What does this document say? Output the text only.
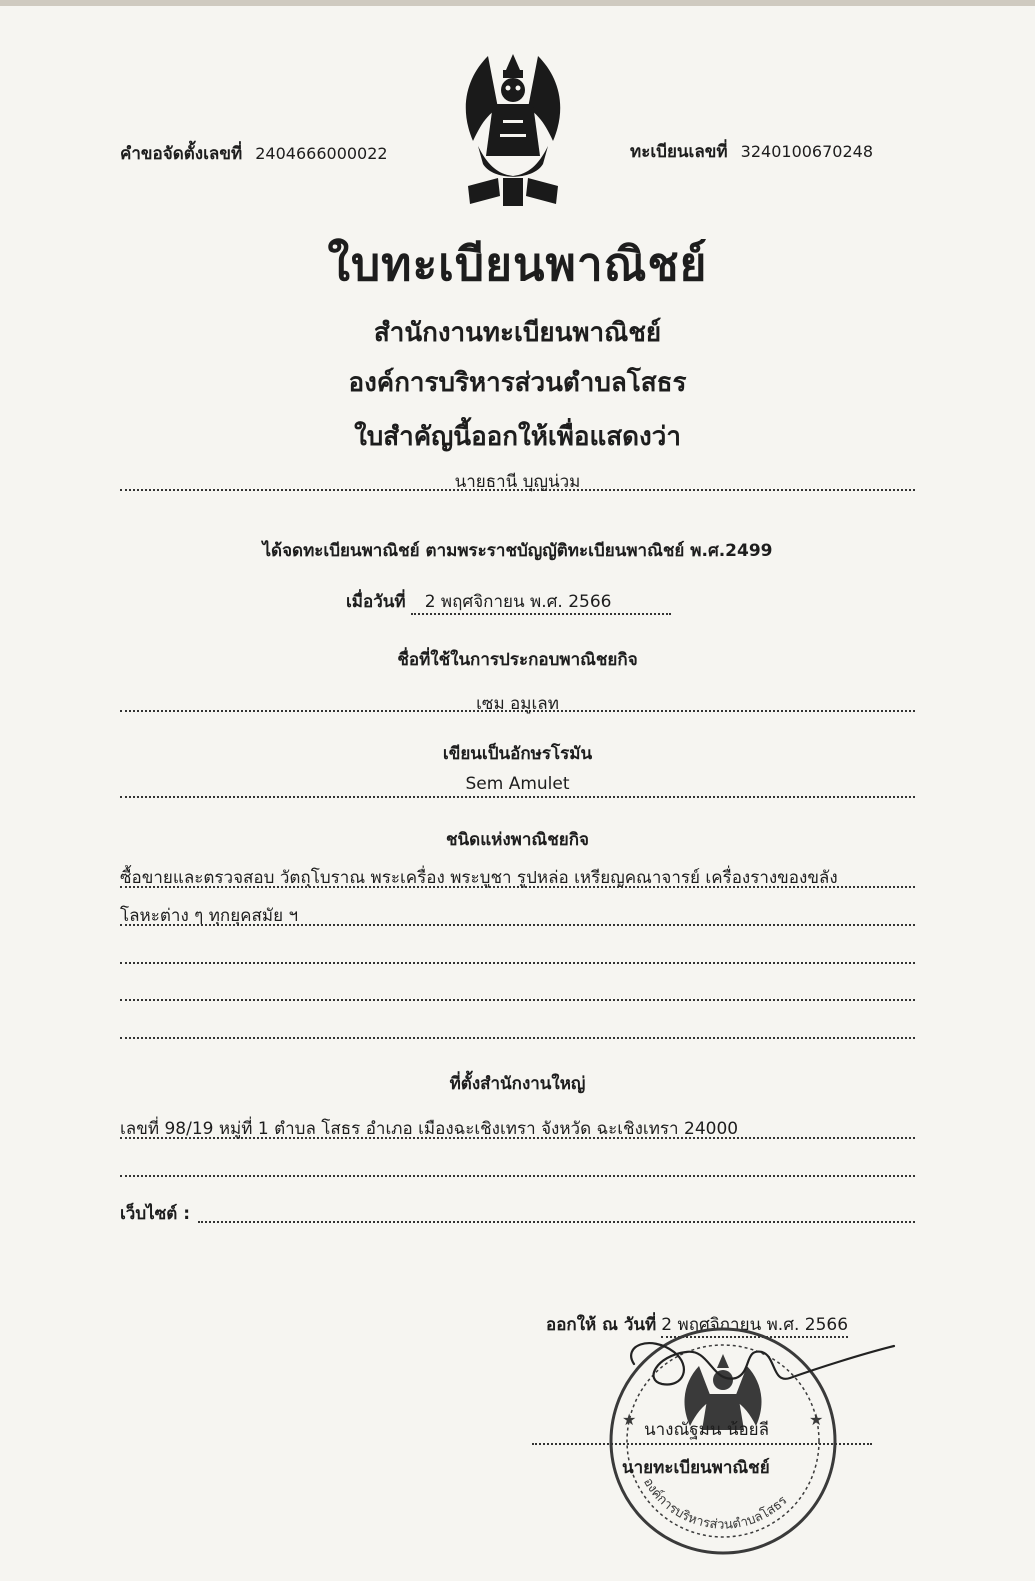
คำขอจัดตั้งเลขที่ 2404666000022	ทะเบียนเลขที่ 3240100670248
ใบทะเบียนพาณิชย์
สำนักงานทะเบียนพาณิชย์
องค์การบริหารส่วนตำบลโสธร
ใบสำคัญนี้ออกให้เพื่อแสดงว่า
นายธานี บุญน่วม
ได้จดทะเบียนพาณิชย์ ตามพระราชบัญญัติทะเบียนพาณิชย์ พ.ศ.2499
เมื่อวันที่ 2 พฤศจิกายน พ.ศ. 2566
ชื่อที่ใช้ในการประกอบพาณิชยกิจ
เซม อมูเลท
เขียนเป็นอักษรโรมัน
Sem Amulet
ชนิดแห่งพาณิชยกิจ
ซื้อขายและตรวจสอบ วัตถุโบราณ พระเครื่อง พระบูชา รูปหล่อ เหรียญคณาจารย์ เครื่องรางของขลัง
โลหะต่าง ๆ ทุกยุคสมัย ฯ
ที่ตั้งสำนักงานใหญ่
เลขที่ 98/19 หมู่ที่ 1 ตำบล โสธร อำเภอ เมืองฉะเชิงเทรา จังหวัด ฉะเชิงเทรา 24000
เว็บไซต์ :
ออกให้ ณ วันที่ 2 พฤศจิกายน พ.ศ. 2566
★	★
องค์การบริหารส่วนตำบลโสธร
นางณัฐมน น้อยลี
นายทะเบียนพาณิชย์
